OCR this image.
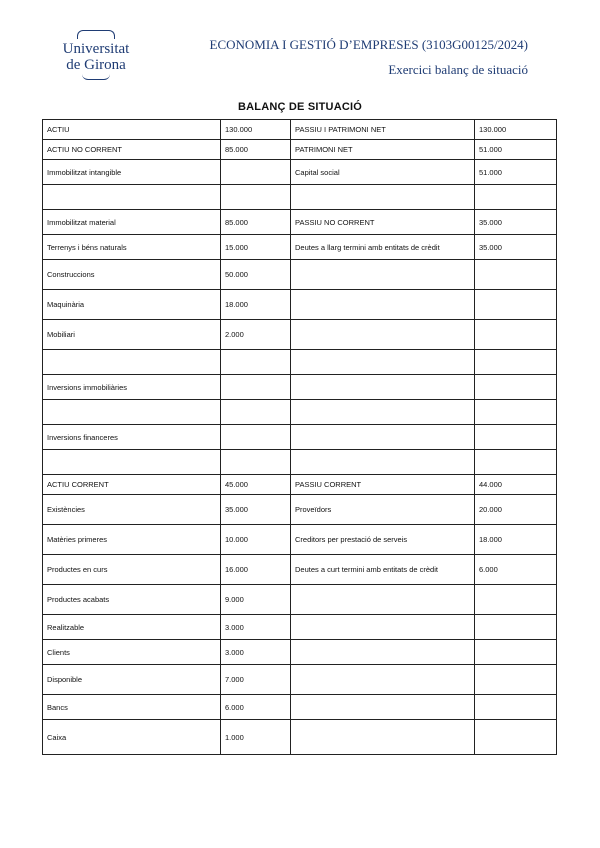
Universitat
de Girona
ECONOMIA I GESTIÓ D’EMPRESES (3103G00125/2024)
Exercici balanç de situació
BALANÇ DE SITUACIÓ
ACTIU	130.000	PASSIU I PATRIMONI NET	130.000
ACTIU NO CORRENT	85.000	PATRIMONI NET	51.000
Immobilitzat intangible		Capital social	51.000

Immobilitzat material	85.000	PASSIU NO CORRENT	35.000
Terrenys i béns naturals	15.000	Deutes a llarg termini amb entitats de crèdit	35.000
Construccions	50.000		
Maquinària	18.000		
Mobiliari	2.000		

Inversions immobiliàries			

Inversions financeres			

ACTIU CORRENT	45.000	PASSIU CORRENT	44.000
Existències	35.000	Proveïdors	20.000
Matèries primeres	10.000	Creditors per prestació de serveis	18.000
Productes en curs	16.000	Deutes a curt termini amb entitats de crèdit	6.000
Productes acabats	9.000		
Realitzable	3.000		
Clients	3.000		
Disponible	7.000		
Bancs	6.000		
Caixa	1.000		
